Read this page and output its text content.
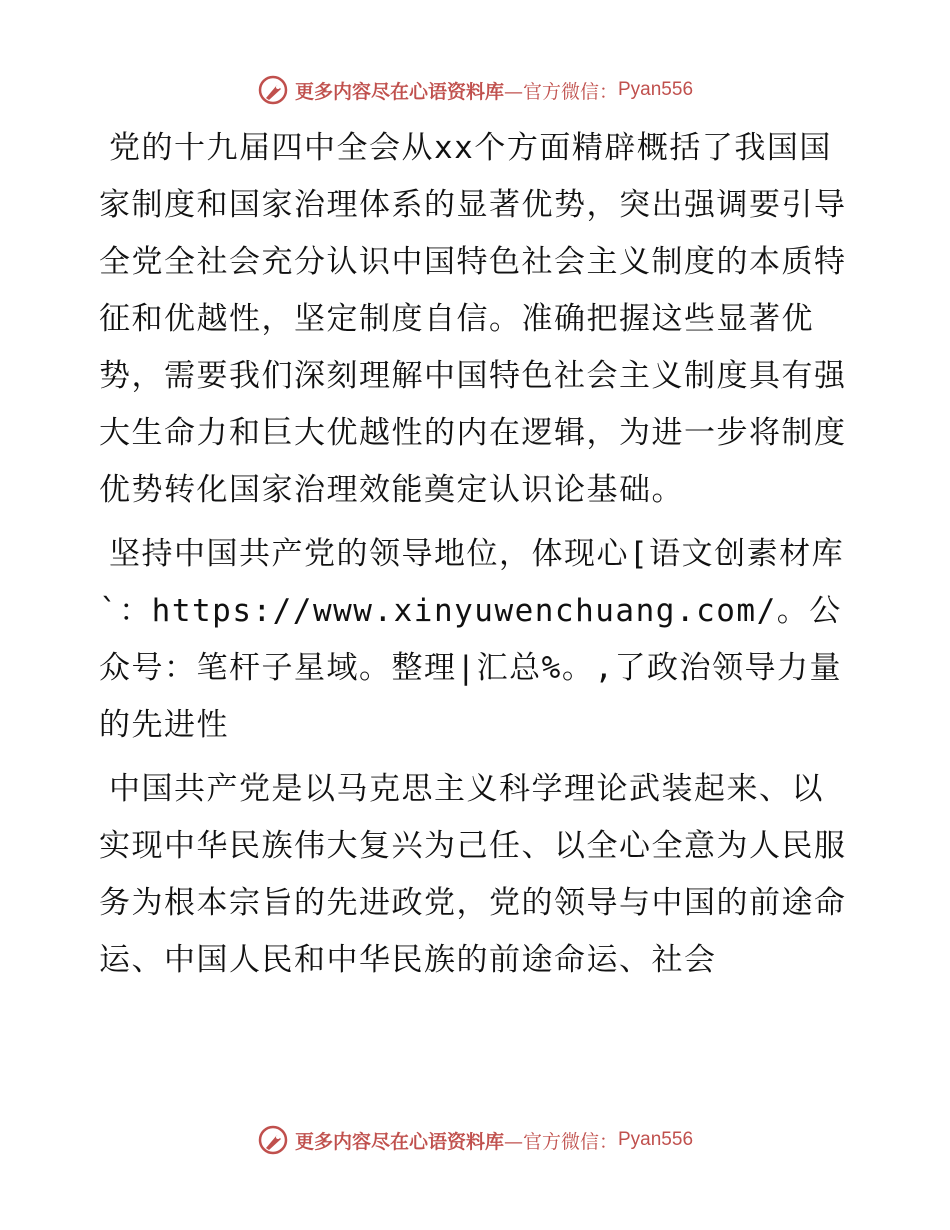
更多内容尽在心语资料库 —官方微信： Pyan556

党的十九届四中全会从xx个方面精辟概括了我国国家制度和国家治理体系的显著优势，突出强调要引导全党全社会充分认识中国特色社会主义制度的本质特征和优越性，坚定制度自信。准确把握这些显著优势，需要我们深刻理解中国特色社会主义制度具有强大生命力和巨大优越性的内在逻辑，为进一步将制度优势转化国家治理效能奠定认识论基础。

坚持中国共产党的领导地位，体现心[语文创素材库`：https://www.xinyuwenchuang.com/。公众号：笔杆子星域。整理|汇总%。,了政治领导力量的先进性

中国共产党是以马克思主义科学理论武装起来、以实现中华民族伟大复兴为己任、以全心全意为人民服务为根本宗旨的先进政党，党的领导与中国的前途命运、中国人民和中华民族的前途命运、社会

更多内容尽在心语资料库 —官方微信： Pyan556
